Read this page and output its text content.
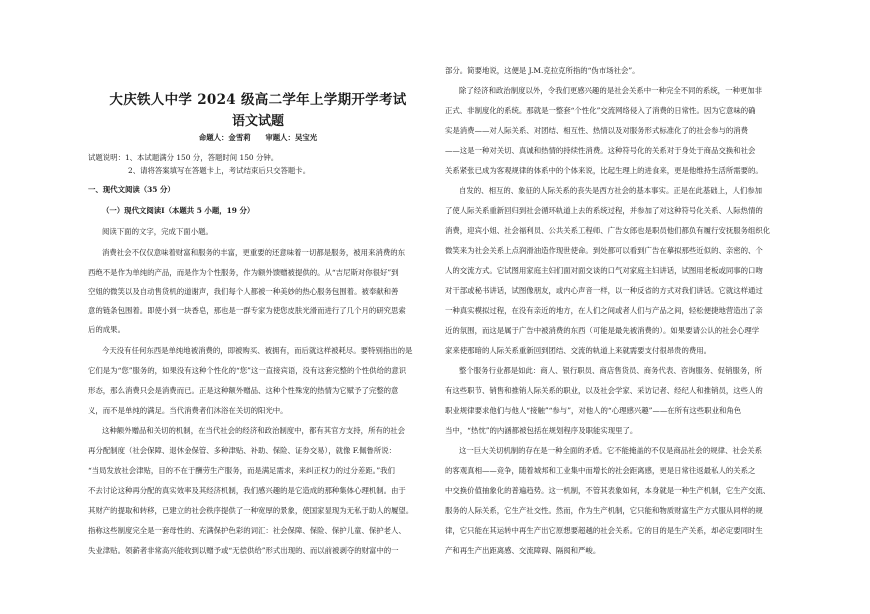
大庆铁人中学 2024 级高二学年上学期开学考试
语文试题
命题人：金雪莉　　审题人：吴宝光
试题说明：1、本试题满分 150 分，答题时间 150 分钟。
2、请将答案填写在答题卡上，考试结束后只交答题卡。
一、现代文阅读（35 分）
（一）现代文阅读Ⅰ（本题共 5 小题，19 分）
阅读下面的文字，完成下面小题。
消费社会不仅仅意味着财富和服务的丰富，更重要的还意味着一切都是服务，被用来消费的东
西绝不是作为单纯的产品，而是作为个性服务，作为额外馈赠被提供的。从“吉尼斯对你很好”到
空姐的微笑以及自动售货机的道谢声，我们每个人都被一种美妙的热心服务包围着。被奉献和善
意的链条包围着。即使小到一块香皂，那也是一群专家为使您皮肤光滑而进行了几个月的研究思索
后的成果。
今天没有任何东西是单纯地被消费的，即被购买、被拥有，而后就这样被耗尽。要特别指出的是
它们是为“您”服务的，如果没有这种个性化的“您”这一直接宾语，没有这套完整的个性供给的意识
形态，那么消费只会是消费而已。正是这种额外赠品、这种个性殊宠的热情为它赋予了完整的意
义，而不是单纯的满足。当代消费者们沐浴在关切的阳光中。
这种额外赠品和关切的机制，在当代社会的经济和政治制度中，都有其官方支持，所有的社会
再分配制度（社会保障、退休金保管、多种津贴、补助、保险、证券交易），就像 F.佩鲁所说：
“当局发放社会津贴，目的不在于酬劳生产服务，而是满足需求，来纠正权力的过分差距。”我们
不去讨论这种再分配的真实效率及其经济机制，我们感兴趣的是它造成的那种集体心理机制。由于
其财产的提取和转移，已建立的社会秩序提供了一种宽厚的景象，使国家显现为无私于助人的履望。
指称这些制度完全是一套母性的、充满保护色彩的词汇：社会保障、保险、保护儿童、保护老人、
失业津贴。领薪者非常高兴能收到以赠予或“无偿供给”形式出现的、而以前被剥夺的财富中的一
部分。简要地说，这便是 J.M.克拉克所指的“伪市场社会”。
除了经济和政治制度以外，令我们更感兴趣的是社会关系中一种完全不同的系统，一种更加非
正式、非制度化的系统。那就是一整套“个性化”交流网络侵入了消费的日常性。因为它意味的确
实是消费——对人际关系、对团结、相互性、热情以及对服务形式标准化了的社会参与的消费
——这是一种对关切、真诚和热情的持续性消费。这种符号化的关系对于身处于商品交换和社会
关系紧张已成为客观规律的体系中的个体来说，比起生理上的进食来，更是他维持生活所需要的。
自发的、相互的、象征的人际关系的丧失是西方社会的基本事实。正是在此基础上，人们参加
了使人际关系重新回归到社会循环轨道上去的系统过程，并参加了对这种符号化关系、人际热情的
消费，迎宾小姐、社会福利员、公共关系工程师、广告女郎也是职员他们都负有履行安抚服务组织化
微笑来为社会关系上点润滑油造作现世使命。到处都可以看到广告在摹拟那些近似的、亲密的、个
人的交流方式。它试图用家庭主妇们面对面交谈的口气对家庭主妇讲话，试图用老板或同事的口吻
对干部或秘书讲话，试图像朋友，或内心声音一样，以一种反省的方式对我们讲话。它就这样通过
一种真实模拟过程，在没有亲近的地方，在人们之间或者人们与产品之间，轻松便捷地营造出了亲
近的氛围，而这是属于广告中被消费的东西（可能是最先被消费的）。如果要请公认的社会心理学
家来使那暗的人际关系重新回到团结、交流的轨道上来就需要支付很昂贵的费用。
整个服务行业都是如此：商人、银行职员、商店售货员、商务代表、咨询服务、促销服务，所
有这些职节、销售和推销人际关系的职业，以及社会学家、采访记者、经纪人和推销员，这些人的
职业规律要求他们与他人“接触”“参与”，对他人的“心理感兴趣”——在所有这些职业和角色
当中，“热忱”的内涵都被包括在规划程序及职能实现里了。
这一巨大关切机制的存在是一种全面的矛盾。它不能掩盖的不仅是商品社会的规律、社会关系
的客观真相——竞争，随着城邦和工业集中而增长的社会距离感，更是日常往返最私人的关系之
中交换价值抽象化的普遍趋势。这一机制，不管其表象如何，本身就是一种生产机制，它生产交流、
服务的人际关系，它生产社交性。然而，作为生产机制，它只能和物质财富生产方式服从同样的规
律，它只能在其运转中再生产出它原想要超越的社会关系。它的目的是生产关系，却必定要同时生
产和再生产出距离感、交流障碍、隔阂和严峻。
